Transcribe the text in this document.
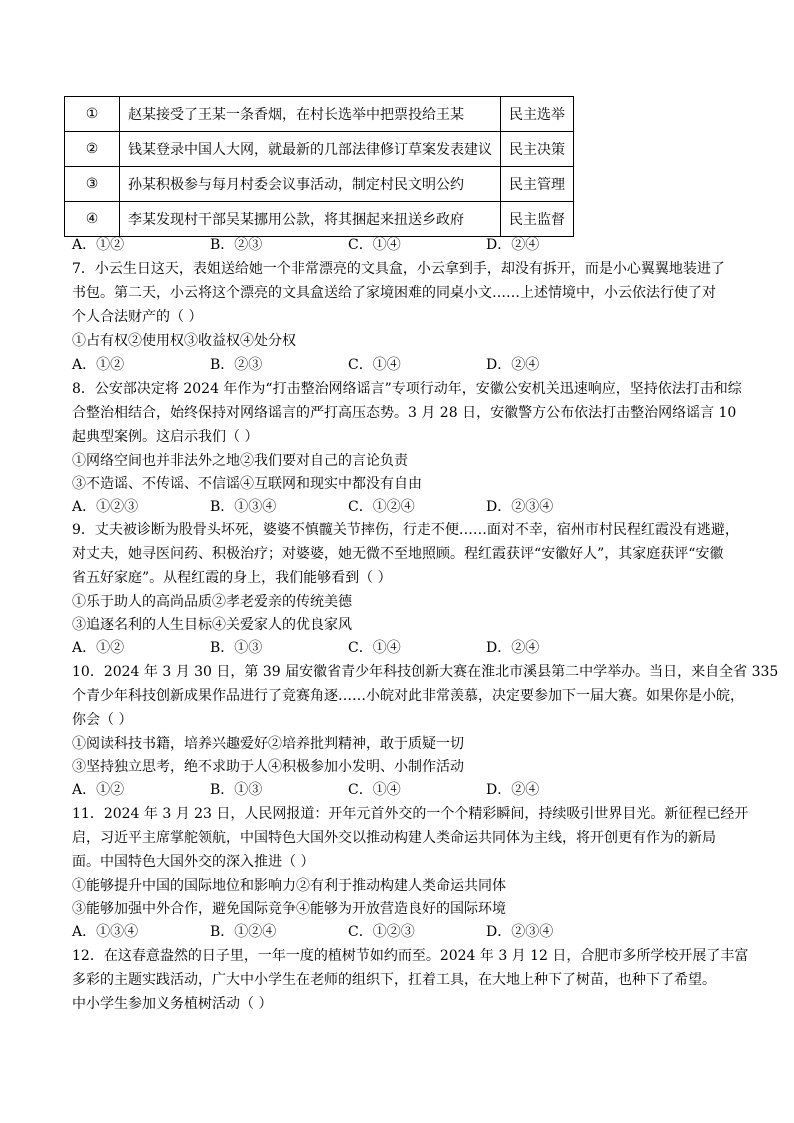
①	赵某接受了王某一条香烟，在村长选举中把票投给王某	民主选举
②	钱某登录中国人大网，就最新的几部法律修订草案发表建议	民主决策
③	孙某积极参与每月村委会议事活动，制定村民文明公约	民主管理
④	李某发现村干部吴某挪用公款，将其捆起来扭送乡政府	民主监督
A．①②	B．②③	C．①④	D．②④
7．小云生日这天，表姐送给她一个非常漂亮的文具盒，小云拿到手，却没有拆开，而是小心翼翼地装进了
书包。第二天，小云将这个漂亮的文具盒送给了家境困难的同桌小文……上述情境中，小云依法行使了对
个人合法财产的（ ）
①占有权②使用权③收益权④处分权
A．①②	B．②③	C．①④	D．②④
8．公安部决定将 2024 年作为“打击整治网络谣言”专项行动年，安徽公安机关迅速响应，坚持依法打击和综
合整治相结合，始终保持对网络谣言的严打高压态势。3 月 28 日，安徽警方公布依法打击整治网络谣言 10
起典型案例。这启示我们（ ）
①网络空间也并非法外之地②我们要对自己的言论负责
③不造谣、不传谣、不信谣④互联网和现实中都没有自由
A．①②③	B．①③④	C．①②④	D．②③④
9．丈夫被诊断为股骨头坏死，婆婆不慎髋关节摔伤，行走不便……面对不幸，宿州市村民程红霞没有逃避，
对丈夫，她寻医问药、积极治疗；对婆婆，她无微不至地照顾。程红霞获评“安徽好人”，其家庭获评“安徽
省五好家庭”。从程红霞的身上，我们能够看到（ ）
①乐于助人的高尚品质②孝老爱亲的传统美德
③追逐名利的人生目标④关爱家人的优良家风
A．①②	B．①③	C．①④	D．②④
10．2024 年 3 月 30 日，第 39 届安徽省青少年科技创新大赛在淮北市溪县第二中学举办。当日，来自全省 335
个青少年科技创新成果作品进行了竞赛角逐……小皖对此非常羡慕，决定要参加下一届大赛。如果你是小皖，
你会（ ）
①阅读科技书籍，培养兴趣爱好②培养批判精神，敢于质疑一切
③坚持独立思考，绝不求助于人④积极参加小发明、小制作活动
A．①②	B．①③	C．①④	D．②④
11．2024 年 3 月 23 日，人民网报道：开年元首外交的一个个精彩瞬间，持续吸引世界目光。新征程已经开
启，习近平主席掌舵领航，中国特色大国外交以推动构建人类命运共同体为主线，将开创更有作为的新局
面。中国特色大国外交的深入推进（ ）
①能够提升中国的国际地位和影响力②有利于推动构建人类命运共同体
③能够加强中外合作，避免国际竞争④能够为开放营造良好的国际环境
A．①③④	B．①②④	C．①②③	D．②③④
12．在这春意盎然的日子里，一年一度的植树节如约而至。2024 年 3 月 12 日，合肥市多所学校开展了丰富
多彩的主题实践活动，广大中小学生在老师的组织下，扛着工具，在大地上种下了树苗，也种下了希望。
中小学生参加义务植树活动（ ）
